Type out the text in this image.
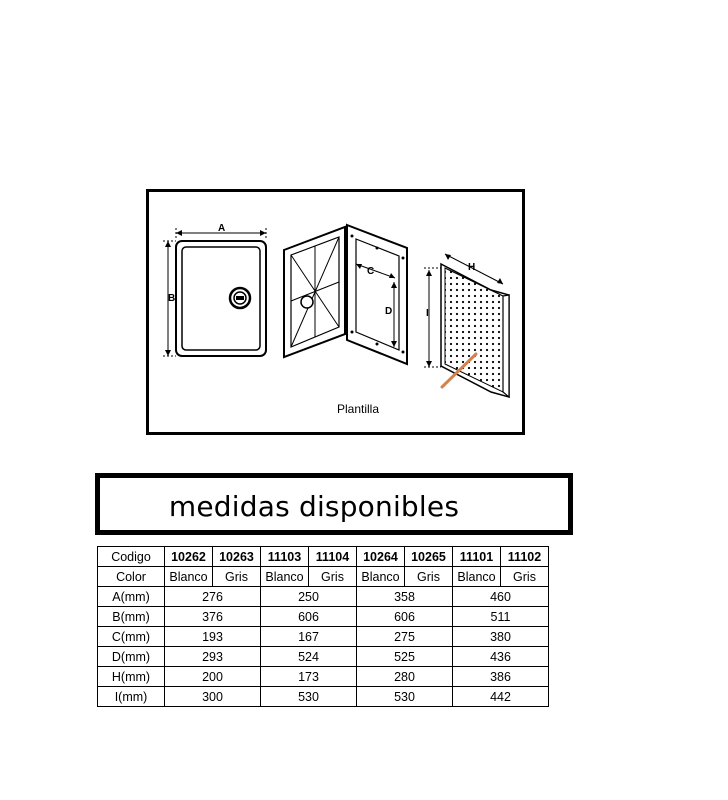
A
B
C
D
H
I
Plantilla
medidas disponibles
Codigo	10262	10263	11103	11104	10264	10265	11101	11102
Color	Blanco	Gris	Blanco	Gris	Blanco	Gris	Blanco	Gris
A(mm)	276		250		358		460	
B(mm)	376		606		606		511	
C(mm)	193		167		275		380	
D(mm)	293		524		525		436	
H(mm)	200		173		280		386	
I(mm)	300		530		530		442	
